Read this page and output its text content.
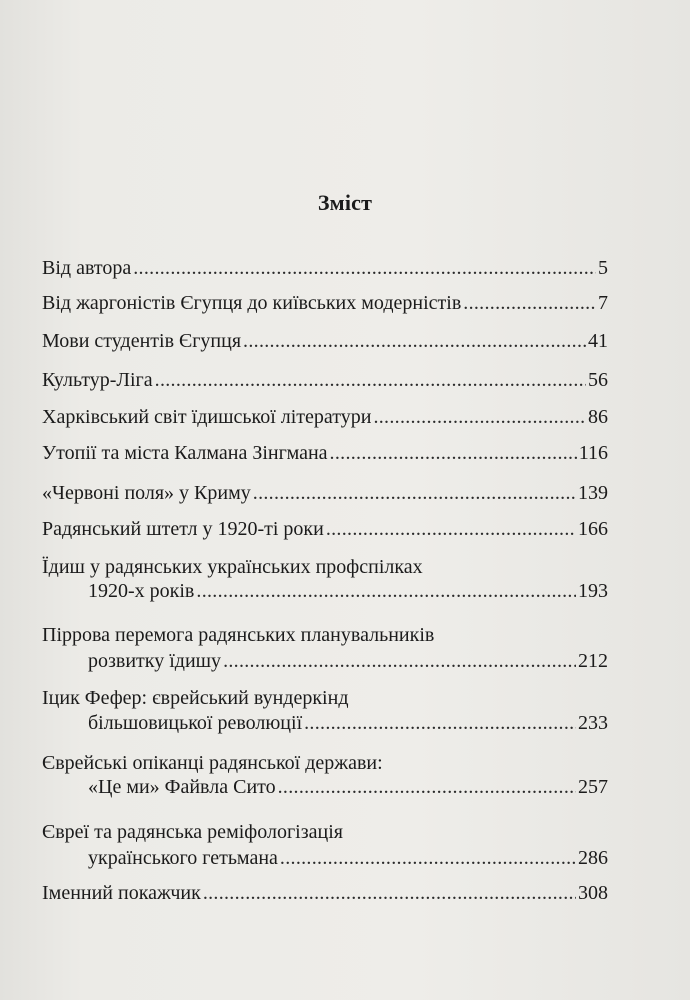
Зміст
Від автора .....	5
Від жаргоністів Єгупця до київських модерністів .....	7
Мови студентів Єгупця .....	41
Культур-Ліга .....	56
Харківський світ їдишської літератури .....	86
Утопії та міста Калмана Зінгмана .....	116
«Червоні поля» у Криму .....	139
Радянський штетл у 1920-ті роки .....	166
Їдиш у радянських українських профспілках
1920-х років .....	193
Піррова перемога радянських планувальників
розвитку їдишу .....	212
Іцик Фефер: єврейський вундеркінд
більшовицької революції .....	233
Єврейські опіканці радянської держави:
«Це ми» Файвла Сито .....	257
Євреї та радянська реміфологізація
українського гетьмана .....	286
Іменний покажчик .....	308
